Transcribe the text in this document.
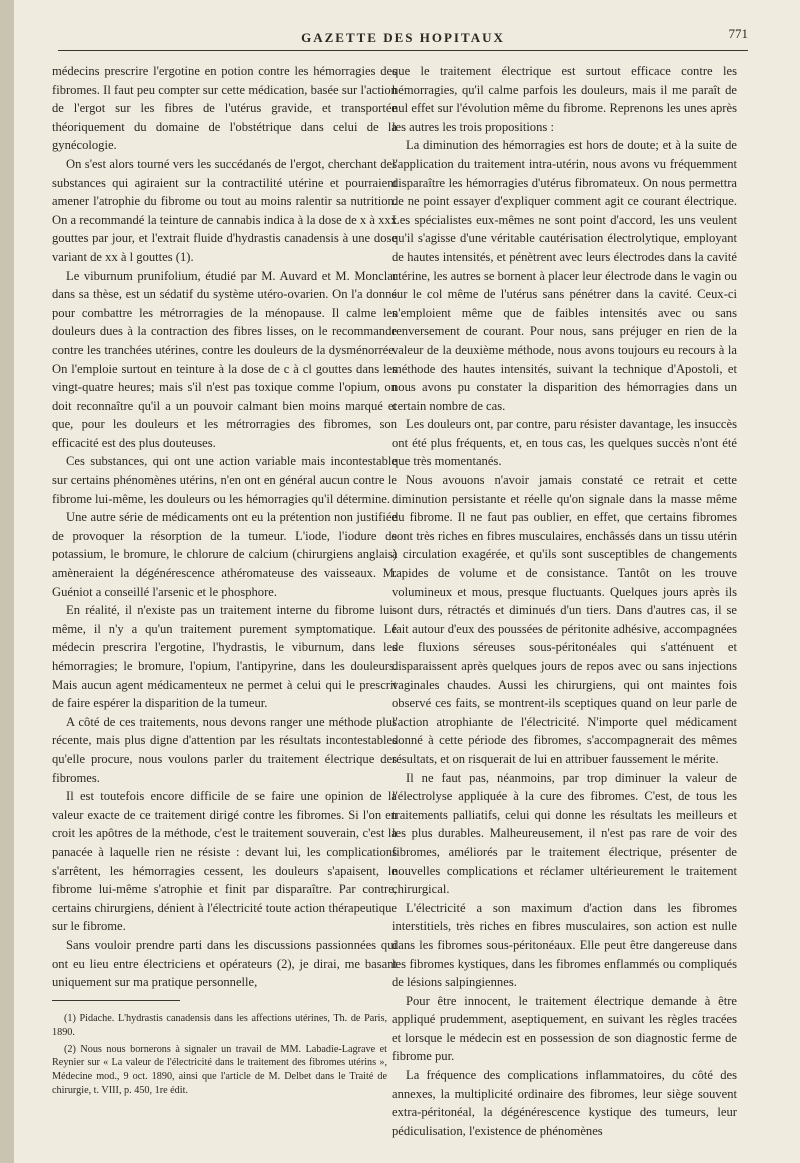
GAZETTE DES HOPITAUX	771

médecins prescrire l'ergotine en potion contre les hémorragies des fibromes. Il faut peu compter sur cette médication, basée sur l'action de l'ergot sur les fibres de l'utérus gravide, et transportée théoriquement du domaine de l'obstétrique dans celui de la gynécologie.

On s'est alors tourné vers les succédanés de l'ergot, cherchant des substances qui agiraient sur la contractilité utérine et pourraient amener l'atrophie du fibrome ou tout au moins ralentir sa nutrition. On a recommandé la teinture de cannabis indica à la dose de x à xxx gouttes par jour, et l'extrait fluide d'hydrastis canadensis à une dose variant de xx à l gouttes (1).

Le viburnum prunifolium, étudié par M. Auvard et M. Monclar dans sa thèse, est un sédatif du système utéro-ovarien. On l'a donné pour combattre les métrorragies de la ménopause. Il calme les douleurs dues à la contraction des fibres lisses, on le recommande contre les tranchées utérines, contre les douleurs de la dysménorrée. On l'emploie surtout en teinture à la dose de c à cl gouttes dans les vingt-quatre heures; mais s'il n'est pas toxique comme l'opium, on doit reconnaître qu'il a un pouvoir calmant bien moins marqué et que, pour les douleurs et les métrorragies des fibromes, son efficacité est des plus douteuses.

Ces substances, qui ont une action variable mais incontestable sur certains phénomènes utérins, n'en ont en général aucun contre le fibrome lui-même, les douleurs ou les hémorragies qu'il détermine.

Une autre série de médicaments ont eu la prétention non justifiée de provoquer la résorption de la tumeur. L'iode, l'iodure de potassium, le bromure, le chlorure de calcium (chirurgiens anglais) amèneraient la dégénérescence athéromateuse des vaisseaux. M. Guéniot a conseillé l'arsenic et le phosphore.

En réalité, il n'existe pas un traitement interne du fibrome lui-même, il n'y a qu'un traitement purement symptomatique. Le médecin prescrira l'ergotine, l'hydrastis, le viburnum, dans les hémorragies; le bromure, l'opium, l'antipyrine, dans les douleurs. Mais aucun agent médicamenteux ne permet à celui qui le prescrit de faire espérer la disparition de la tumeur.

A côté de ces traitements, nous devons ranger une méthode plus récente, mais plus digne d'attention par les résultats incontestables qu'elle procure, nous voulons parler du traitement électrique des fibromes.

Il est toutefois encore difficile de se faire une opinion de la valeur exacte de ce traitement dirigé contre les fibromes. Si l'on en croit les apôtres de la méthode, c'est le traitement souverain, c'est la panacée à laquelle rien ne résiste : devant lui, les complications s'arrêtent, les hémorragies cessent, les douleurs s'apaisent, le fibrome lui-même s'atrophie et finit par disparaître. Par contre, certains chirurgiens, dénient à l'électricité toute action thérapeutique sur le fibrome.

Sans vouloir prendre parti dans les discussions passionnées qui ont eu lieu entre électriciens et opérateurs (2), je dirai, me basant uniquement sur ma pratique personnelle,

(1) Pidache. L'hydrastis canadensis dans les affections utérines, Th. de Paris, 1890.

(2) Nous nous bornerons à signaler un travail de MM. Labadie-Lagrave et Reynier sur « La valeur de l'électricité dans le traitement des fibromes utérins », Médecine mod., 9 oct. 1890, ainsi que l'article de M. Delbet dans le Traité de chirurgie, t. VIII, p. 450, 1re édit.

que le traitement électrique est surtout efficace contre les hémorragies, qu'il calme parfois les douleurs, mais il me paraît de nul effet sur l'évolution même du fibrome. Reprenons les unes après les autres les trois propositions :

La diminution des hémorragies est hors de doute; et à la suite de l'application du traitement intra-utérin, nous avons vu fréquemment disparaître les hémorragies d'utérus fibromateux. On nous permettra de ne point essayer d'expliquer comment agit ce courant électrique. Les spécialistes eux-mêmes ne sont point d'accord, les uns veulent qu'il s'agisse d'une véritable cautérisation électrolytique, employant de hautes intensités, et pénètrent avec leurs électrodes dans la cavité utérine, les autres se bornent à placer leur électrode dans le vagin ou sur le col même de l'utérus sans pénétrer dans la cavité. Ceux-ci n'emploient même que de faibles intensités avec ou sans renversement de courant. Pour nous, sans préjuger en rien de la valeur de la deuxième méthode, nous avons toujours eu recours à la méthode des hautes intensités, suivant la technique d'Apostoli, et nous avons pu constater la disparition des hémorragies dans un certain nombre de cas.

Les douleurs ont, par contre, paru résister davantage, les insuccès ont été plus fréquents, et, en tous cas, les quelques succès n'ont été que très momentanés.

Nous avouons n'avoir jamais constaté ce retrait et cette diminution persistante et réelle qu'on signale dans la masse même du fibrome. Il ne faut pas oublier, en effet, que certains fibromes sont très riches en fibres musculaires, enchâssés dans un tissu utérin à circulation exagérée, et qu'ils sont susceptibles de changements rapides de volume et de consistance. Tantôt on les trouve volumineux et mous, presque fluctuants. Quelques jours après ils sont durs, rétractés et diminués d'un tiers. Dans d'autres cas, il se fait autour d'eux des poussées de péritonite adhésive, accompagnées de fluxions séreuses sous-péritonéales qui s'atténuent et disparaissent après quelques jours de repos avec ou sans injections vaginales chaudes. Aussi les chirurgiens, qui ont maintes fois observé ces faits, se montrent-ils sceptiques quand on leur parle de l'action atrophiante de l'électricité. N'importe quel médicament donné à cette période des fibromes, s'accompagnerait des mêmes résultats, et on risquerait de lui en attribuer faussement le mérite.

Il ne faut pas, néanmoins, par trop diminuer la valeur de l'électrolyse appliquée à la cure des fibromes. C'est, de tous les traitements palliatifs, celui qui donne les résultats les meilleurs et les plus durables. Malheureusement, il n'est pas rare de voir des fibromes, améliorés par le traitement électrique, présenter de nouvelles complications et réclamer ultérieurement le traitement chirurgical.

L'électricité a son maximum d'action dans les fibromes interstitiels, très riches en fibres musculaires, son action est nulle dans les fibromes sous-péritonéaux. Elle peut être dangereuse dans les fibromes kystiques, dans les fibromes enflammés ou compliqués de lésions salpingiennes.

Pour être innocent, le traitement électrique demande à être appliqué prudemment, aseptiquement, en suivant les règles tracées et lorsque le médecin est en possession de son diagnostic ferme de fibrome pur.

La fréquence des complications inflammatoires, du côté des annexes, la multiplicité ordinaire des fibromes, leur siège souvent extra-péritonéal, la dégénérescence kystique des tumeurs, leur pédiculisation, l'existence de phénomènes
